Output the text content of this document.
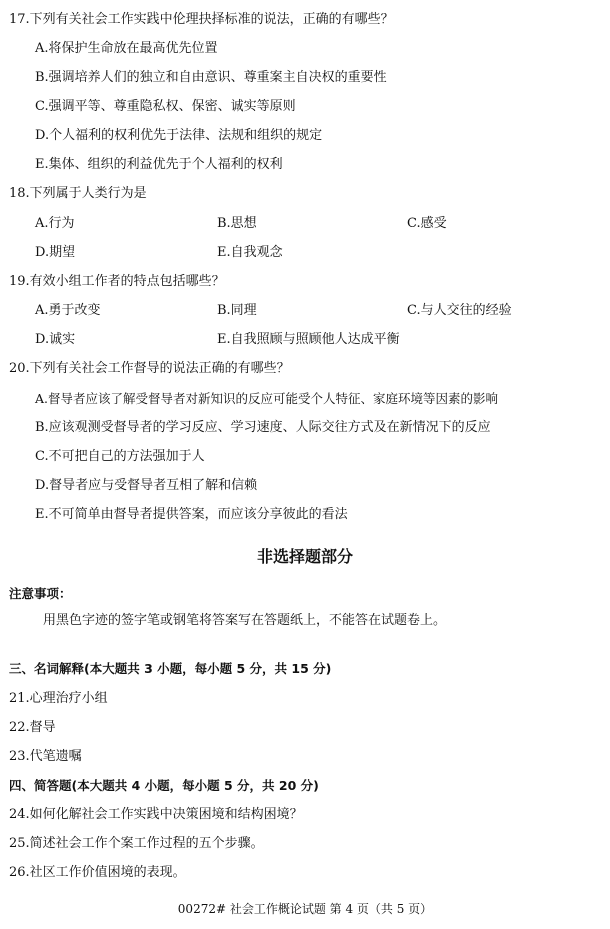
17.下列有关社会工作实践中伦理抉择标准的说法，正确的有哪些？
A.将保护生命放在最高优先位置
B.强调培养人们的独立和自由意识、尊重案主自决权的重要性
C.强调平等、尊重隐私权、保密、诚实等原则
D.个人福利的权利优先于法律、法规和组织的规定
E.集体、组织的利益优先于个人福利的权利
18.下列属于人类行为是
A.行为	B.思想	C.感受
D.期望	E.自我观念
19.有效小组工作者的特点包括哪些？
A.勇于改变	B.同理	C.与人交往的经验
D.诚实	E.自我照顾与照顾他人达成平衡
20.下列有关社会工作督导的说法正确的有哪些？
A.督导者应该了解受督导者对新知识的反应可能受个人特征、家庭环境等因素的影响
B.应该观测受督导者的学习反应、学习速度、人际交往方式及在新情况下的反应
C.不可把自己的方法强加于人
D.督导者应与受督导者互相了解和信赖
E.不可简单由督导者提供答案，而应该分享彼此的看法
非选择题部分
注意事项：
用黑色字迹的签字笔或钢笔将答案写在答题纸上，不能答在试题卷上。
三、名词解释(本大题共 3 小题，每小题 5 分，共 15 分)
21.心理治疗小组
22.督导
23.代笔遗嘱
四、简答题(本大题共 4 小题，每小题 5 分，共 20 分)
24.如何化解社会工作实践中决策困境和结构困境？
25.简述社会工作个案工作过程的五个步骤。
26.社区工作价值困境的表现。
00272# 社会工作概论试题 第 4 页（共 5 页）
